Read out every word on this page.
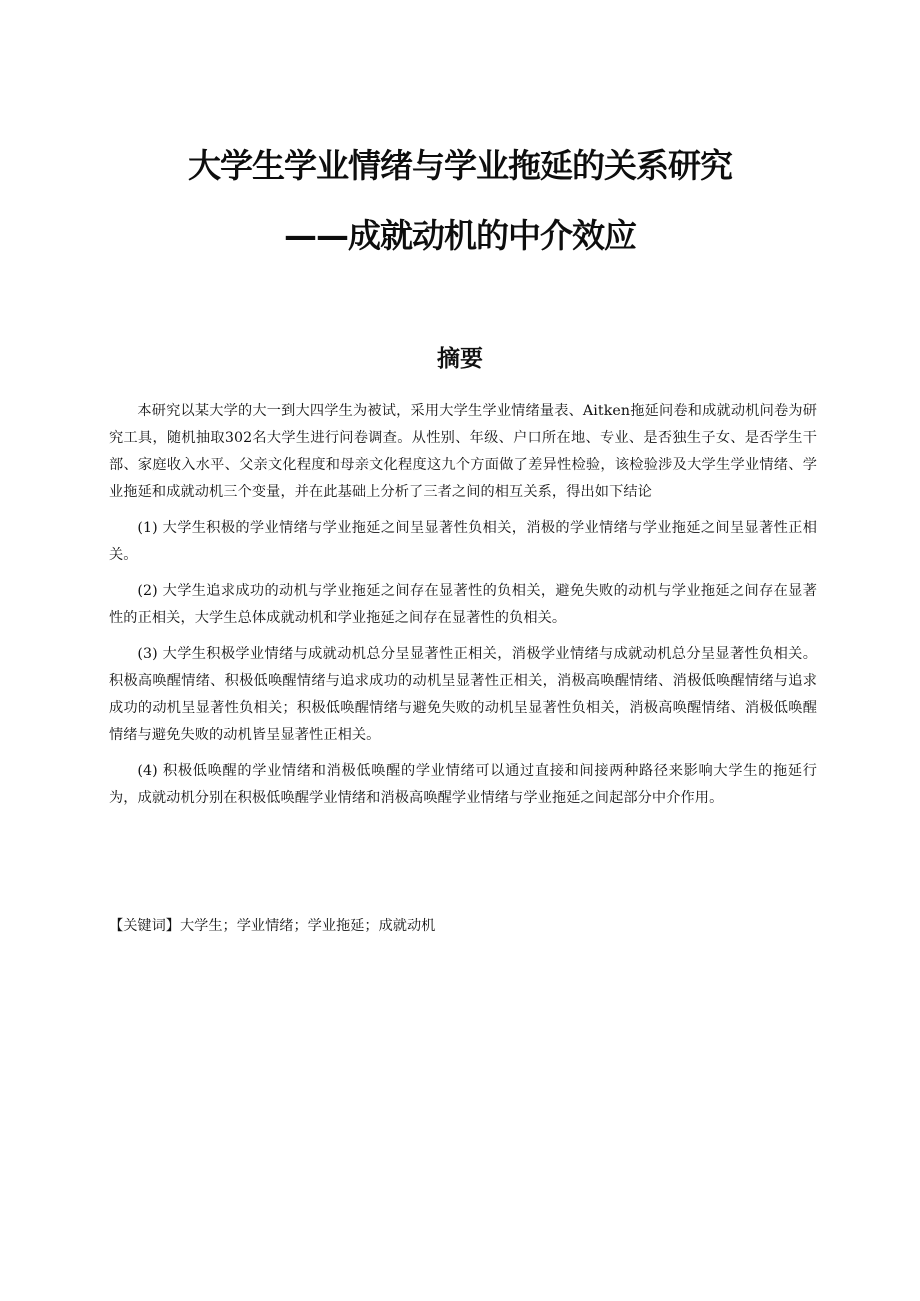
大学生学业情绪与学业拖延的关系研究
——成就动机的中介效应
摘要

本研究以某大学的大一到大四学生为被试，采用大学生学业情绪量表、Aitken拖延问卷和成就动机问卷为研究工具，随机抽取302名大学生进行问卷调查。从性别、年级、户口所在地、专业、是否独生子女、是否学生干部、家庭收入水平、父亲文化程度和母亲文化程度这九个方面做了差异性检验，该检验涉及大学生学业情绪、学业拖延和成就动机三个变量，并在此基础上分析了三者之间的相互关系，得出如下结论

(1) 大学生积极的学业情绪与学业拖延之间呈显著性负相关，消极的学业情绪与学业拖延之间呈显著性正相关。

(2) 大学生追求成功的动机与学业拖延之间存在显著性的负相关，避免失败的动机与学业拖延之间存在显著性的正相关，大学生总体成就动机和学业拖延之间存在显著性的负相关。

(3) 大学生积极学业情绪与成就动机总分呈显著性正相关，消极学业情绪与成就动机总分呈显著性负相关。积极高唤醒情绪、积极低唤醒情绪与追求成功的动机呈显著性正相关，消极高唤醒情绪、消极低唤醒情绪与追求成功的动机呈显著性负相关；积极低唤醒情绪与避免失败的动机呈显著性负相关，消极高唤醒情绪、消极低唤醒情绪与避免失败的动机皆呈显著性正相关。

(4) 积极低唤醒的学业情绪和消极低唤醒的学业情绪可以通过直接和间接两种路径来影响大学生的拖延行为，成就动机分别在积极低唤醒学业情绪和消极高唤醒学业情绪与学业拖延之间起部分中介作用。

【关键词】大学生；学业情绪；学业拖延；成就动机
